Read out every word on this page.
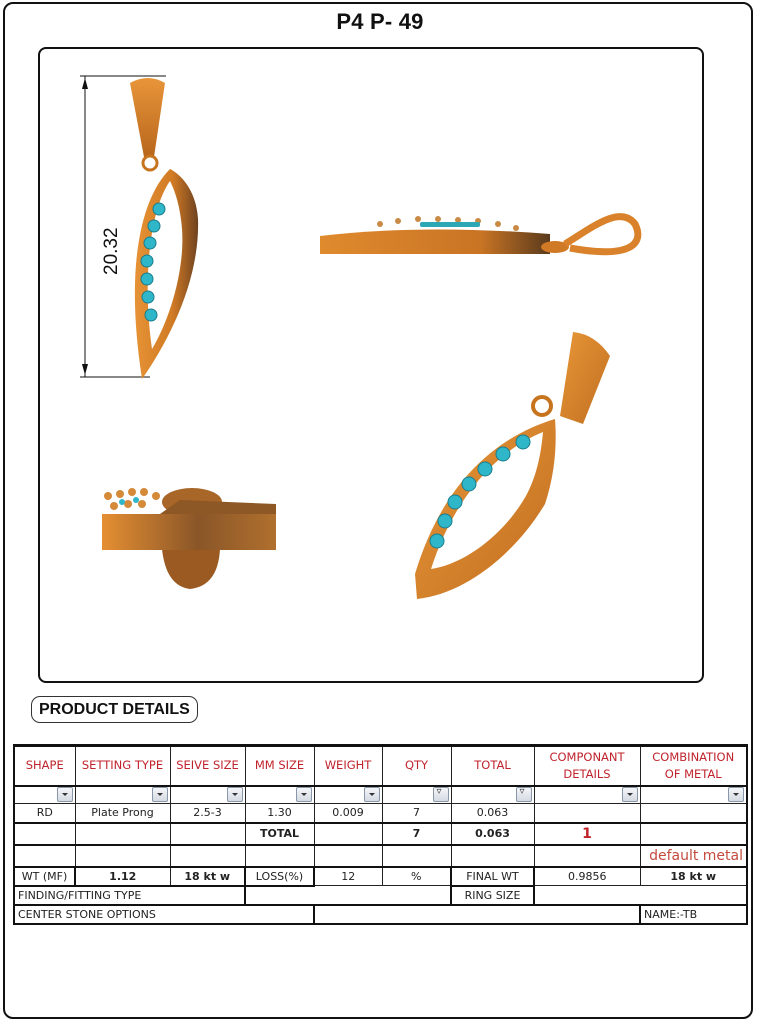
P4 P- 49
20.32
PRODUCT DETAILS
SHAPE	SETTING TYPE	SEIVE SIZE	MM SIZE	WEIGHT	QTY	TOTAL	COMPONANT DETAILS	COMBINATION OF METAL
					▿	▿		
RD	Plate Prong	2.5-3	1.30	0.009	7	0.063		
			TOTAL		7	0.063	1	
								default metal
WT (MF)	1.12	18 kt w	LOSS(%)	12	%	FINAL WT	0.9856	18 kt w
FINDING/FITTING TYPE						RING SIZE		
CENTER STONE OPTIONS								NAME:-TB
